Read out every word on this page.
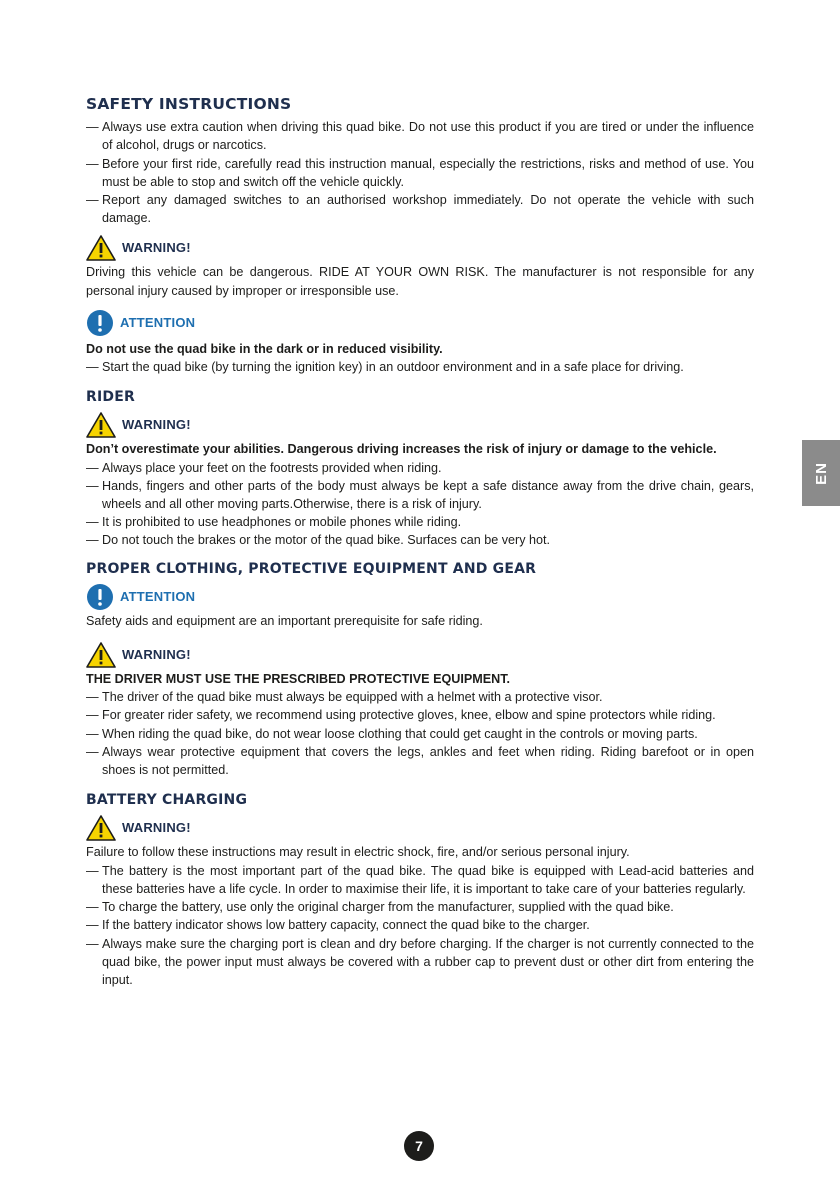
SAFETY INSTRUCTIONS
— Always use extra caution when driving this quad bike. Do not use this product if you are tired or under the influence of alcohol, drugs or narcotics.
— Before your first ride, carefully read this instruction manual, especially the restrictions, risks and method of use. You must be able to stop and switch off the vehicle quickly.
— Report any damaged switches to an authorised workshop immediately. Do not operate the vehicle with such damage.
WARNING!

Driving this vehicle can be dangerous. RIDE AT YOUR OWN RISK. The manufacturer is not responsible for any personal injury caused by improper or irresponsible use.

ATTENTION

Do not use the quad bike in the dark or in reduced visibility.

— Start the quad bike (by turning the ignition key) in an outdoor environment and in a safe place for driving.
RIDER
WARNING!

Don’t overestimate your abilities. Dangerous driving increases the risk of injury or damage to the vehicle.

— Always place your feet on the footrests provided when riding.
— Hands, fingers and other parts of the body must always be kept a safe distance away from the drive chain, gears, wheels and all other moving parts.Otherwise, there is a risk of injury.
— It is prohibited to use headphones or mobile phones while riding.
— Do not touch the brakes or the motor of the quad bike. Surfaces can be very hot.
PROPER CLOTHING, PROTECTIVE EQUIPMENT AND GEAR
ATTENTION

Safety aids and equipment are an important prerequisite for safe riding.

WARNING!

THE DRIVER MUST USE THE PRESCRIBED PROTECTIVE EQUIPMENT.

— The driver of the quad bike must always be equipped with a helmet with a protective visor.
— For greater rider safety, we recommend using protective gloves, knee, elbow and spine protectors while riding.
— When riding the quad bike, do not wear loose clothing that could get caught in the controls or moving parts.
— Always wear protective equipment that covers the legs, ankles and feet when riding. Riding barefoot or in open shoes is not permitted.
BATTERY CHARGING
WARNING!

Failure to follow these instructions may result in electric shock, fire, and/or serious personal injury.

— The battery is the most important part of the quad bike. The quad bike is equipped with Lead-acid batteries and these batteries have a life cycle. In order to maximise their life, it is important to take care of your batteries regularly.
— To charge the battery, use only the original charger from the manufacturer, supplied with the quad bike.
— If the battery indicator shows low battery capacity, connect the quad bike to the charger.
— Always make sure the charging port is clean and dry before charging. If the charger is not currently connected to the quad bike, the power input must always be covered with a rubber cap to prevent dust or other dirt from entering the input.
EN
7
